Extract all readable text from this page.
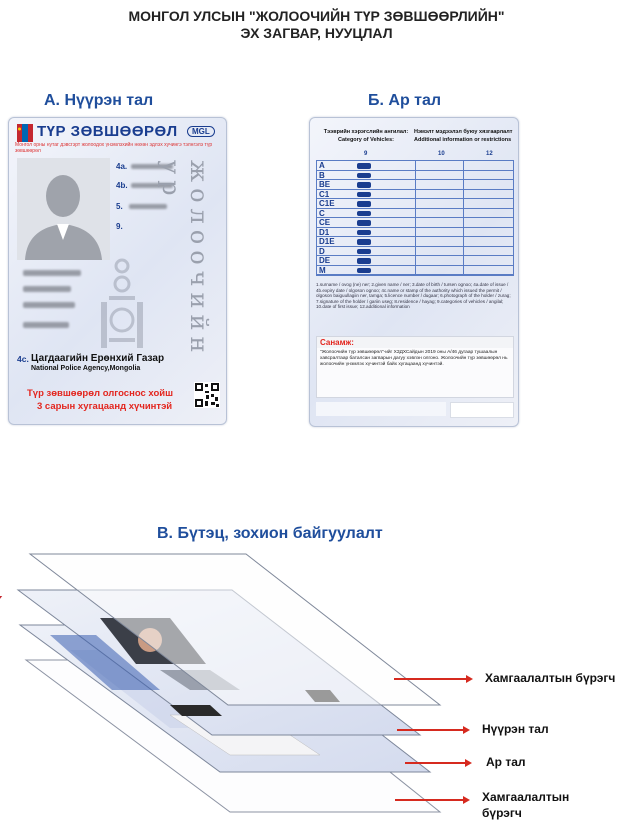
МОНГОЛ УЛСЫН "ЖОЛООЧИЙН ТҮР ЗӨВШӨӨРЛИЙН"
ЭХ ЗАГВАР, НУУЦЛАЛ
А. Нүүрэн тал	Б. Ар тал
ТҮР ЗӨВШӨӨРӨЛ	MGL
Монгол орны нутаг дэвсгэрт жолоодох үнэмлэхийн нөхөн эдлэх хучингэ тэлнгэлэ түр зөвшөөрөл
4a.
4b.
5.
9.	жолоочийн ур
4c. Цагдаагийн Ерөнхий Газар
National Police Agency,Mongolia
Түр зөвшөөрөл олгоснос хойш
3 сарын хугацаанд хүчинтэй
Тээврийн хэрэгслийн ангилал:
Category of Vehicles:
Нэмэлт мэдээлэл буюу хязгаарлалт
Additional information or restrictions
9	10	12
A
B
BE
C1
C1E
C
CE
D1
D1E
D
DE
M
1.surname / ovog (ne) ner; 2.given name / ner; 3.date of birth / tursen ognoo; 4a.date of issue / 4b.expiry date / olgoson ognoo; 4c.name or stamp of the authority which issued the permit / olgoson baiguullagiin ner, tamga; 5.licence number / dugaar; 6.photograph of the holder / zurag; 7.signature of the holder / gariin useg; 8.residence / hayag; 9.categories of vehicles / angilal; 10.date of first issue; 12.additional information
Санамж:
"Жолоочийн түр зөвшөөрөл"-ийг ХЗДХСайдын 2019 оны А/46 дугаар тушаалын хавсралтаар баталсан загварын дагуу хэвлэн олгоно. Жолоочийн түр зөвшөөрөл нь жолоочийн үнэмлэх хүчинтэй байх хугацаанд хүчинтэй.
В. Бүтэц, зохион байгуулалт
Хамгаалалтын бүрэгч
Нүүрэн тал
Ар тал
Хамгаалалтын
бүрэгч
